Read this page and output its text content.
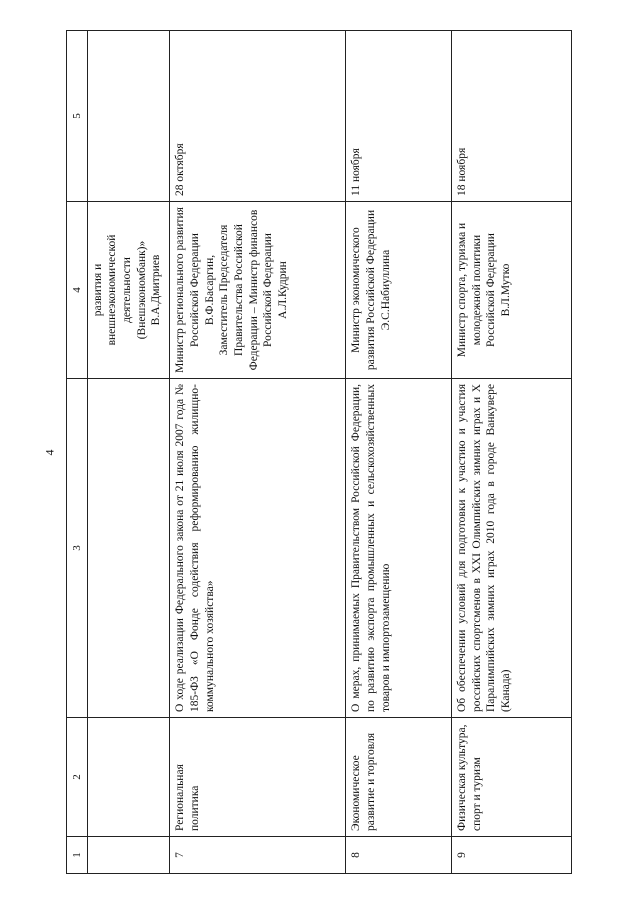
4
1	2	3	4	5
			развития и
внешнеэкономической
деятельности
(Внешэкономбанк)»
В.А.Дмитриев	
7	Региональная политика	О ходе реализации Федерального закона от 21 июля 2007 года № 185-ФЗ «О Фонде содействия реформированию жилищно-коммунального хозяйства»	Министр регионального развития Российской Федерации
В.Ф.Басаргин,
Заместитель Председателя Правительства Российской Федерации – Министр финансов Российской Федерации
А.Л.Кудрин	28 октября
8	Экономическое развитие и торговля	О мерах, принимаемых Правительством Российской Федерации, по развитию экспорта промышленных и сельскохозяйственных товаров и импортозамещению	Министр экономического развития Российской Федерации
Э.С.Набиуллина	11 ноября
9	Физическая культура, спорт и туризм	Об обеспечении условий для подготовки к участию и участия российских спортсменов в XXI Олимпийских зимних играх и X Паралимпийских зимних играх 2010 года в городе Ванкувере (Канада)	Министр спорта, туризма и молодежной политики Российской Федерации
В.Л.Мутко	18 ноября
